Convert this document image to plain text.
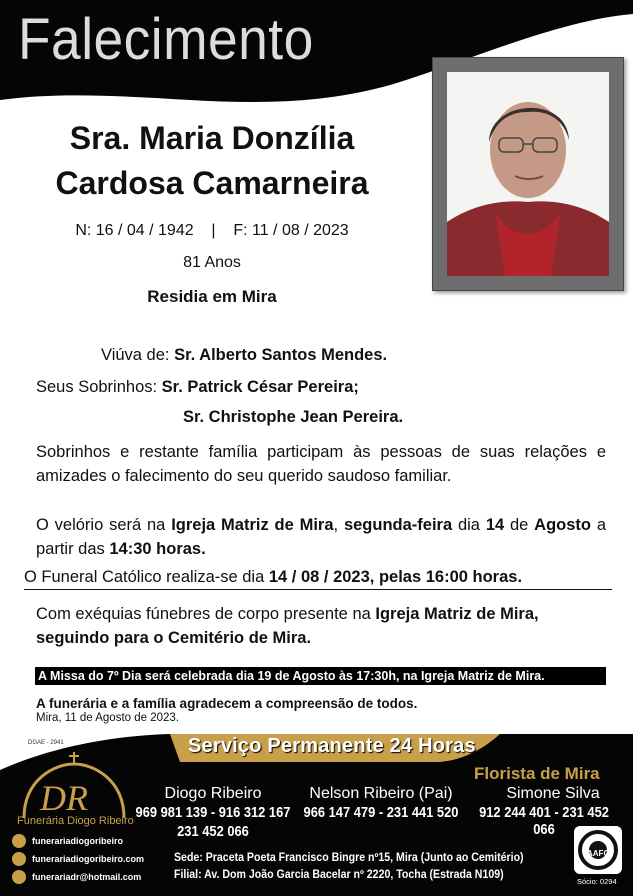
Falecimento
Sra. Maria Donzília
Cardosa Camarneira
N: 16 / 04 / 1942    |    F: 11 / 08 / 2023
81 Anos
Residia em Mira
Viúva de: Sr. Alberto Santos Mendes.
Seus Sobrinhos: Sr. Patrick César Pereira;
Sr. Christophe Jean Pereira.
Sobrinhos e restante família participam às pessoas de suas relações e amizades o falecimento do seu querido saudoso familiar.
O velório será na Igreja Matriz de Mira, segunda-feira dia 14 de Agosto a partir das 14:30 horas.
O Funeral Católico realiza-se dia 14 / 08 / 2023, pelas 16:00 horas.
Com exéquias fúnebres de corpo presente na Igreja Matriz de Mira,
seguindo para o Cemitério de Mira.
A Missa do 7º Dia será celebrada dia 19 de Agosto às 17:30h, na Igreja Matriz de Mira.
A funerária e a família agradecem a compreensão de todos.
Mira, 11 de Agosto de 2023.
DGAE - 2941	Serviço Permanente 24 Horas
DR
Funerária Diogo Ribeiro
Florista de Mira
Diogo Ribeiro
969 981 139 - 916 312 167
231 452 066
Nelson Ribeiro (Pai)
966 147 479 - 231 441 520
Simone Silva
912 244 401 - 231 452 066
funerariadiogoribeiro
funerariadiogoribeiro.com
funerariadr@hotmail.com
Sede: Praceta Poeta Francisco Bingre nº15, Mira (Junto ao Cemitério)
Filial: Av. Dom João Garcia Bacelar nº 2220, Tocha (Estrada N109)
AAFC
Sócio: 0294
